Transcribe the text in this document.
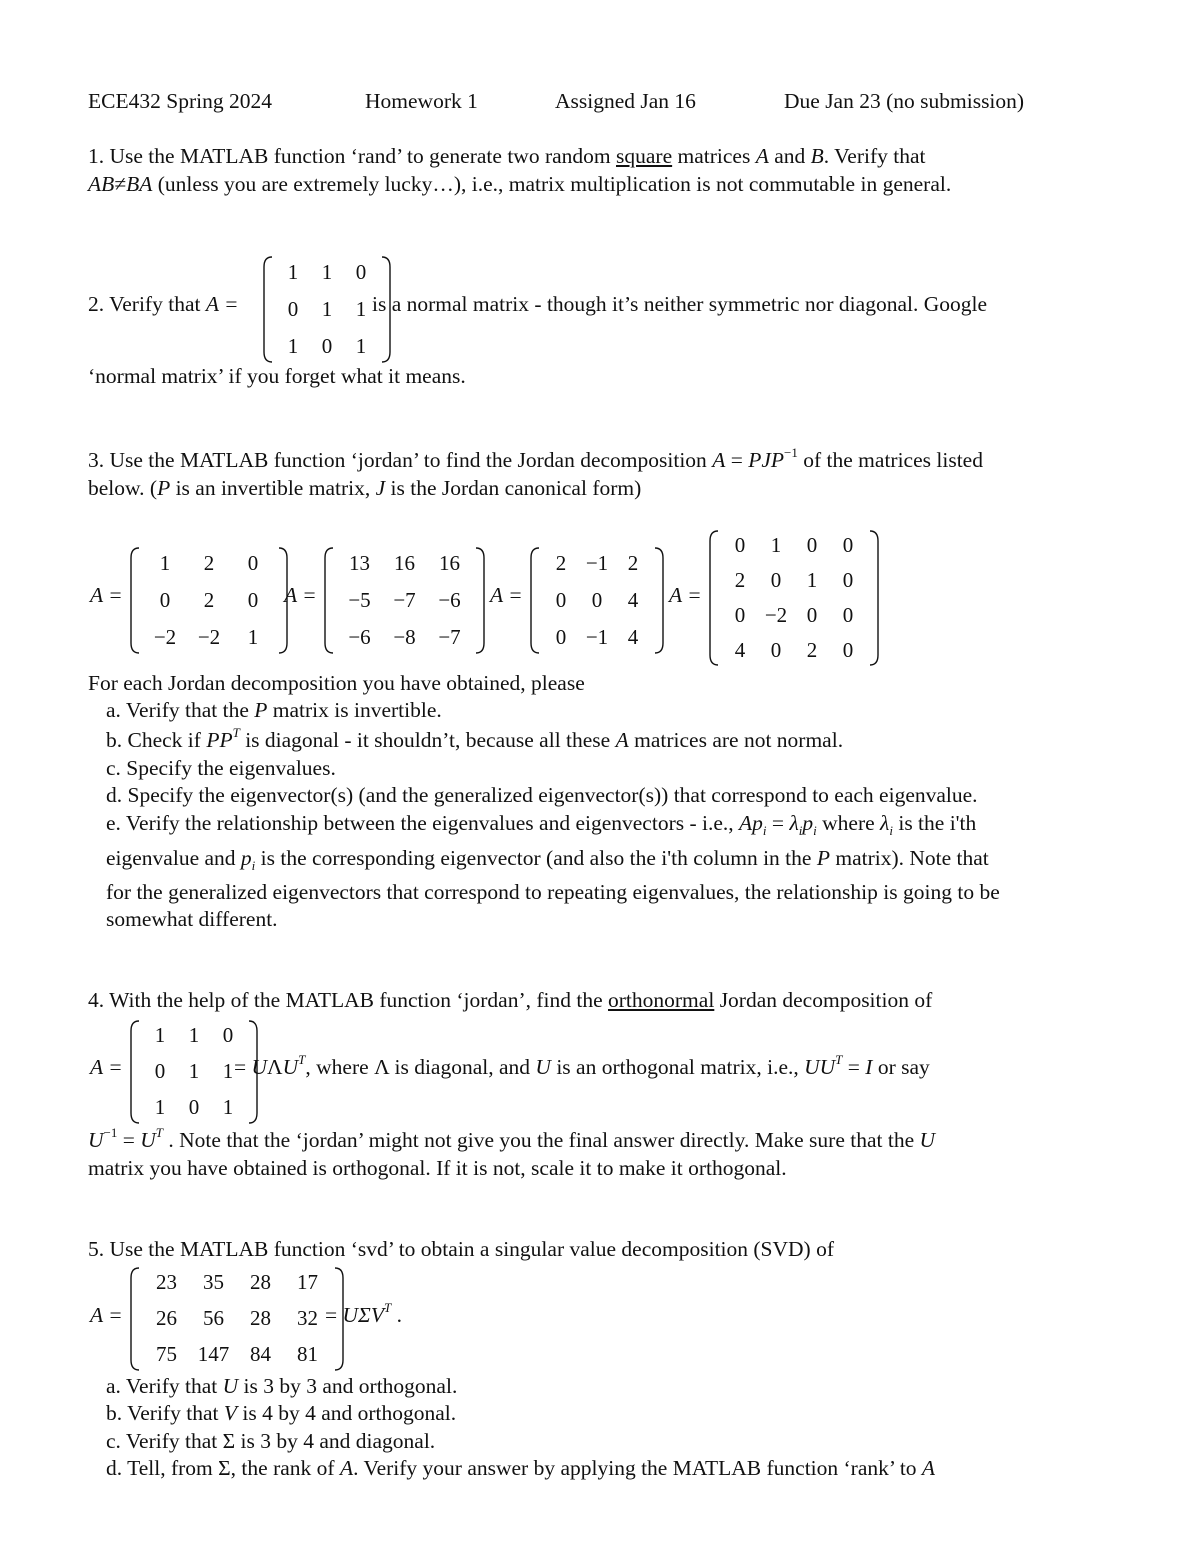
ECE432 Spring 2024	Homework 1	Assigned Jan 16	Due Jan 23 (no submission)
1. Use the MATLAB function ‘rand’ to generate two random square matrices A and B. Verify that
AB≠BA (unless you are extremely lucky…), i.e., matrix multiplication is not commutable in general.
2. Verify that A =
1	1	0
0	1	1
1	0	1
is a normal matrix - though it’s neither symmetric nor diagonal. Google
‘normal matrix’ if you forget what it means.
3. Use the MATLAB function ‘jordan’ to find the Jordan decomposition $A = PJP^{-1}$ of the matrices listed
below. (P is an invertible matrix, J is the Jordan canonical form)
A =
1	2	0
0	2	0
−2	−2	1
A =
13	16	16
−5	−7	−6
−6	−8	−7
A =
2	−1	2
0	0	4
0	−1	4
A =
0	1	0	0
2	0	1	0
0	−2	0	0
4	0	2	0
For each Jordan decomposition you have obtained, please
a. Verify that the P matrix is invertible.
b. Check if $PP^T$ is diagonal - it shouldn’t, because all these A matrices are not normal.
c. Specify the eigenvalues.
d. Specify the eigenvector(s) (and the generalized eigenvector(s)) that correspond to each eigenvalue.
e. Verify the relationship between the eigenvalues and eigenvectors - i.e., $Ap_i = \lambda_ip_i$ where $\lambda_i$ is the i'th
eigenvalue and $p_i$ is the corresponding eigenvector (and also the i'th column in the P matrix). Note that
for the generalized eigenvectors that correspond to repeating eigenvalues, the relationship is going to be
somewhat different.
4. With the help of the MATLAB function ‘jordan’, find the orthonormal Jordan decomposition of
A =
1	1	0
0	1	1
1	0	1
= $U\Lambda U^T$, where Λ is diagonal, and U is an orthogonal matrix, i.e., $UU^T = I$ or say
$U^{-1} = U^T$ . Note that the ‘jordan’ might not give you the final answer directly. Make sure that the U
matrix you have obtained is orthogonal. If it is not, scale it to make it orthogonal.
5. Use the MATLAB function ‘svd’ to obtain a singular value decomposition (SVD) of
A =
23	35	28	17
26	56	28	32
75	147	84	81
= $U\Sigma V^T$ .
a. Verify that U is 3 by 3 and orthogonal.
b. Verify that V is 4 by 4 and orthogonal.
c. Verify that Σ is 3 by 4 and diagonal.
d. Tell, from Σ, the rank of A. Verify your answer by applying the MATLAB function ‘rank’ to A
